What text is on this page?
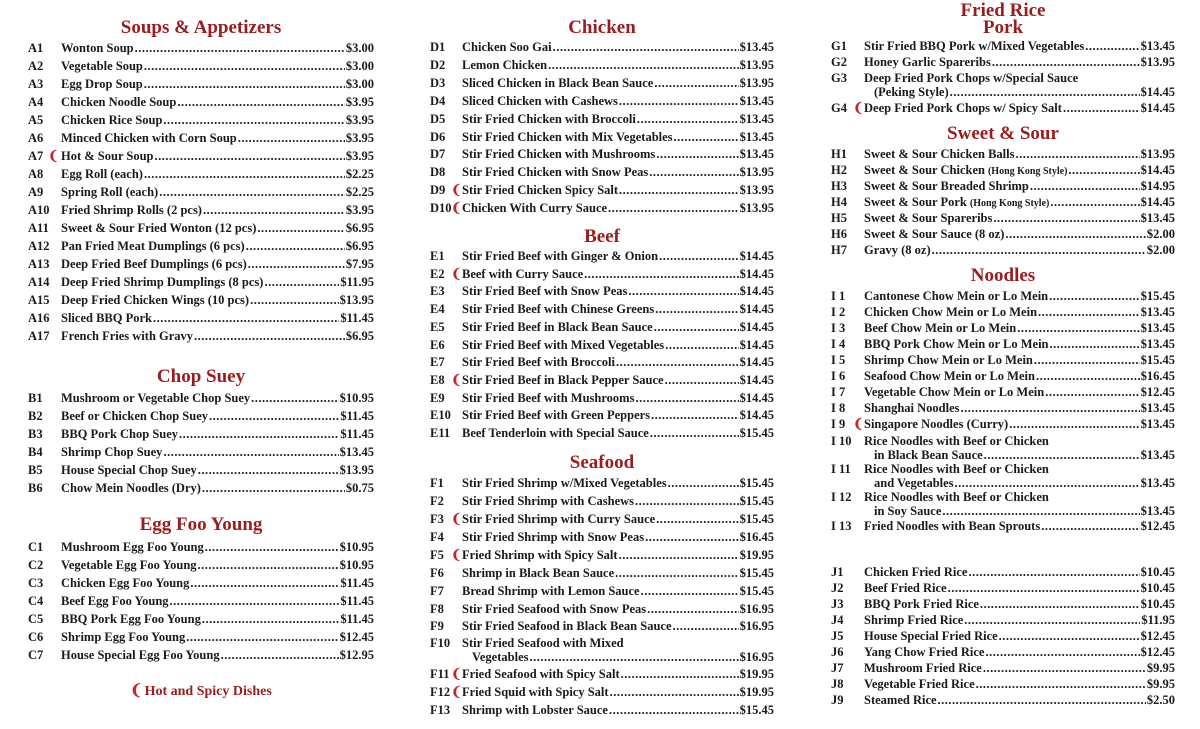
Soups & Appetizers
A1 Wonton Soup .....	$3.00
A2 Vegetable Soup .....	$3.00
A3 Egg Drop Soup .....	$3.00
A4 Chicken Noodle Soup .....	$3.95
A5 Chicken Rice Soup .....	$3.95
A6 Minced Chicken with Corn Soup .....	$3.95
A7 ❨ Hot & Sour Soup .....	$3.95
A8 Egg Roll (each) .....	$2.25
A9 Spring Roll (each) .....	$2.25
A10 Fried Shrimp Rolls (2 pcs) .....	$3.95
A11 Sweet & Sour Fried Wonton (12 pcs) .....	$6.95
A12 Pan Fried Meat Dumplings (6 pcs) .....	$6.95
A13 Deep Fried Beef Dumplings (6 pcs) .....	$7.95
A14 Deep Fried Shrimp Dumplings (8 pcs) .....	$11.95
A15 Deep Fried Chicken Wings (10 pcs) .....	$13.95
A16 Sliced BBQ Pork .....	$11.45
A17 French Fries with Gravy .....	$6.95
Chop Suey
B1 Mushroom or Vegetable Chop Suey .....	$10.95
B2 Beef or Chicken Chop Suey .....	$11.45
B3 BBQ Pork Chop Suey .....	$11.45
B4 Shrimp Chop Suey .....	$13.45
B5 House Special Chop Suey .....	$13.95
B6 Chow Mein Noodles (Dry) .....	$0.75
Egg Foo Young
C1 Mushroom Egg Foo Young .....	$10.95
C2 Vegetable Egg Foo Young .....	$10.95
C3 Chicken Egg Foo Young .....	$11.45
C4 Beef Egg Foo Young .....	$11.45
C5 BBQ Pork Egg Foo Young .....	$11.45
C6 Shrimp Egg Foo Young .....	$12.45
C7 House Special Egg Foo Young .....	$12.95
Chicken
D1 Chicken Soo Gai .....	$13.45
D2 Lemon Chicken .....	$13.95
D3 Sliced Chicken in Black Bean Sauce .....	$13.95
D4 Sliced Chicken with Cashews .....	$13.45
D5 Stir Fried Chicken with Broccoli .....	$13.45
D6 Stir Fried Chicken with Mix Vegetables .....	$13.45
D7 Stir Fried Chicken with Mushrooms .....	$13.45
D8 Stir Fried Chicken with Snow Peas .....	$13.95
D9 ❨ Stir Fried Chicken Spicy Salt .....	$13.95
D10 ❨ Chicken With Curry Sauce .....	$13.95
Beef
E1 Stir Fried Beef with Ginger & Onion .....	$14.45
E2 ❨ Beef with Curry Sauce .....	$14.45
E3 Stir Fried Beef with Snow Peas .....	$14.45
E4 Stir Fried Beef with Chinese Greens .....	$14.45
E5 Stir Fried Beef in Black Bean Sauce .....	$14.45
E6 Stir Fried Beef with Mixed Vegetables .....	$14.45
E7 Stir Fried Beef with Broccoli .....	$14.45
E8 ❨ Stir Fried Beef in Black Pepper Sauce .....	$14.45
E9 Stir Fried Beef with Mushrooms .....	$14.45
E10 Stir Fried Beef with Green Peppers .....	$14.45
E11 Beef Tenderloin with Special Sauce .....	$15.45
Seafood
F1 Stir Fried Shrimp w/Mixed Vegetables .....	$15.45
F2 Stir Fried Shrimp with Cashews .....	$15.45
F3 ❨ Stir Fried Shrimp with Curry Sauce .....	$15.45
F4 Stir Fried Shrimp with Snow Peas .....	$16.45
F5 ❨ Fried Shrimp with Spicy Salt .....	$19.95
F6 Shrimp in Black Bean Sauce .....	$15.45
F7 Bread Shrimp with Lemon Sauce .....	$15.45
F8 Stir Fried Seafood with Snow Peas .....	$16.95
F9 Stir Fried Seafood in Black Bean Sauce .....	$16.95
F10 Stir Fried Seafood with Mixed
Vegetables .....	$16.95
F11 ❨ Fried Seafood with Spicy Salt .....	$19.95
F12 ❨ Fried Squid with Spicy Salt .....	$19.95
F13 Shrimp with Lobster Sauce .....	$15.45
Pork
G1 Stir Fried BBQ Pork w/Mixed Vegetables .....	$13.45
G2 Honey Garlic Spareribs .....	$13.95
G3 Deep Fried Pork Chops w/Special Sauce
(Peking Style) .....	$14.45
G4 ❨ Deep Fried Pork Chops w/ Spicy Salt .....	$14.45
Sweet & Sour
H1 Sweet & Sour Chicken Balls .....	$13.95
H2 Sweet & Sour Chicken (Hong Kong Style) .....	$14.45
H3 Sweet & Sour Breaded Shrimp .....	$14.95
H4 Sweet & Sour Pork (Hong Kong Style) .....	$14.45
H5 Sweet & Sour Spareribs .....	$13.45
H6 Sweet & Sour Sauce (8 oz) .....	$2.00
H7 Gravy (8 oz) .....	$2.00
Noodles
I 1 Cantonese Chow Mein or Lo Mein .....	$15.45
I 2 Chicken Chow Mein or Lo Mein .....	$13.45
I 3 Beef Chow Mein or Lo Mein .....	$13.45
I 4 BBQ Pork Chow Mein or Lo Mein .....	$13.45
I 5 Shrimp Chow Mein or Lo Mein .....	$15.45
I 6 Seafood Chow Mein or Lo Mein .....	$16.45
I 7 Vegetable Chow Mein or Lo Mein .....	$12.45
I 8 Shanghai Noodles .....	$13.45
I 9 ❨ Singapore Noodles (Curry) .....	$13.45
I 10 Rice Noodles with Beef or Chicken
in Black Bean Sauce .....	$13.45
I 11 Rice Noodles with Beef or Chicken
and Vegetables .....	$13.45
I 12 Rice Noodles with Beef or Chicken
in Soy Sauce .....	$13.45
I 13 Fried Noodles with Bean Sprouts .....	$12.45
Fried Rice
J1 Chicken Fried Rice .....	$10.45
J2 Beef Fried Rice .....	$10.45
J3 BBQ Pork Fried Rice .....	$10.45
J4 Shrimp Fried Rice .....	$11.95
J5 House Special Fried Rice .....	$12.45
J6 Yang Chow Fried Rice .....	$12.45
J7 Mushroom Fried Rice .....	$9.95
J8 Vegetable Fried Rice .....	$9.95
J9 Steamed Rice .....	$2.50
❨ Hot and Spicy Dishes
